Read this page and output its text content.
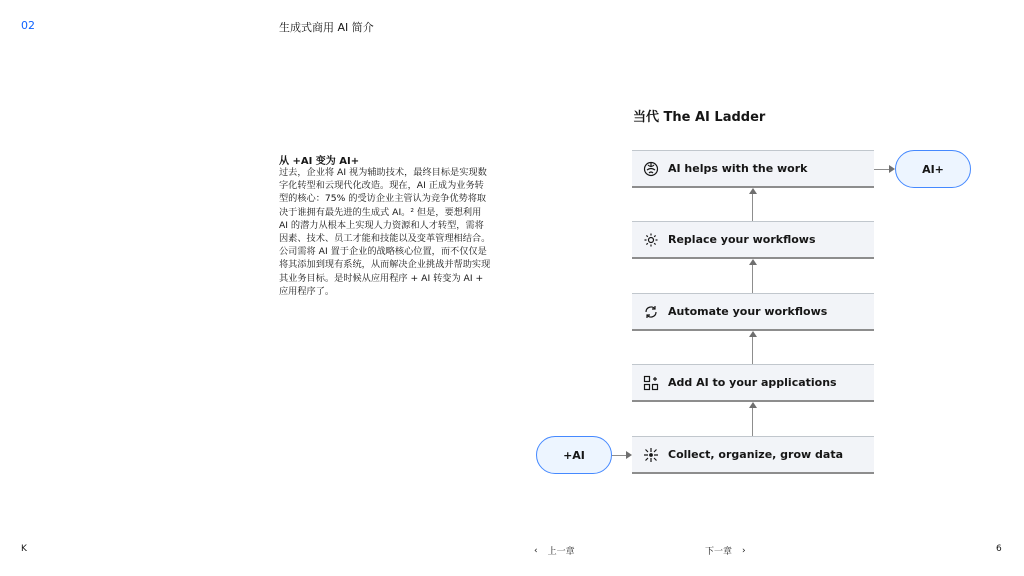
02	生成式商用 AI 简介
从 +AI 变为 AI+
过去，企业将 AI 视为辅助技术，最终目标是实现数字化转型和云现代化改造。现在，AI 正成为业务转型的核心：75% 的受访企业主管认为竞争优势将取决于谁拥有最先进的生成式 AI。² 但是，要想利用 AI 的潜力从根本上实现人力资源和人才转型，需将因素、技术、员工才能和技能以及变革管理相结合。公司需将 AI 置于企业的战略核心位置，而不仅仅是将其添加到现有系统，从而解决企业挑战并帮助实现其业务目标。是时候从应用程序 + AI 转变为 AI + 应用程序了。
当代 The AI Ladder
AI helps with the work
Replace your workflows
Automate your workflows
Add AI to your applications
Collect, organize, grow data
+AI
AI+
K	‹ 上一章	下一章 ›	6
